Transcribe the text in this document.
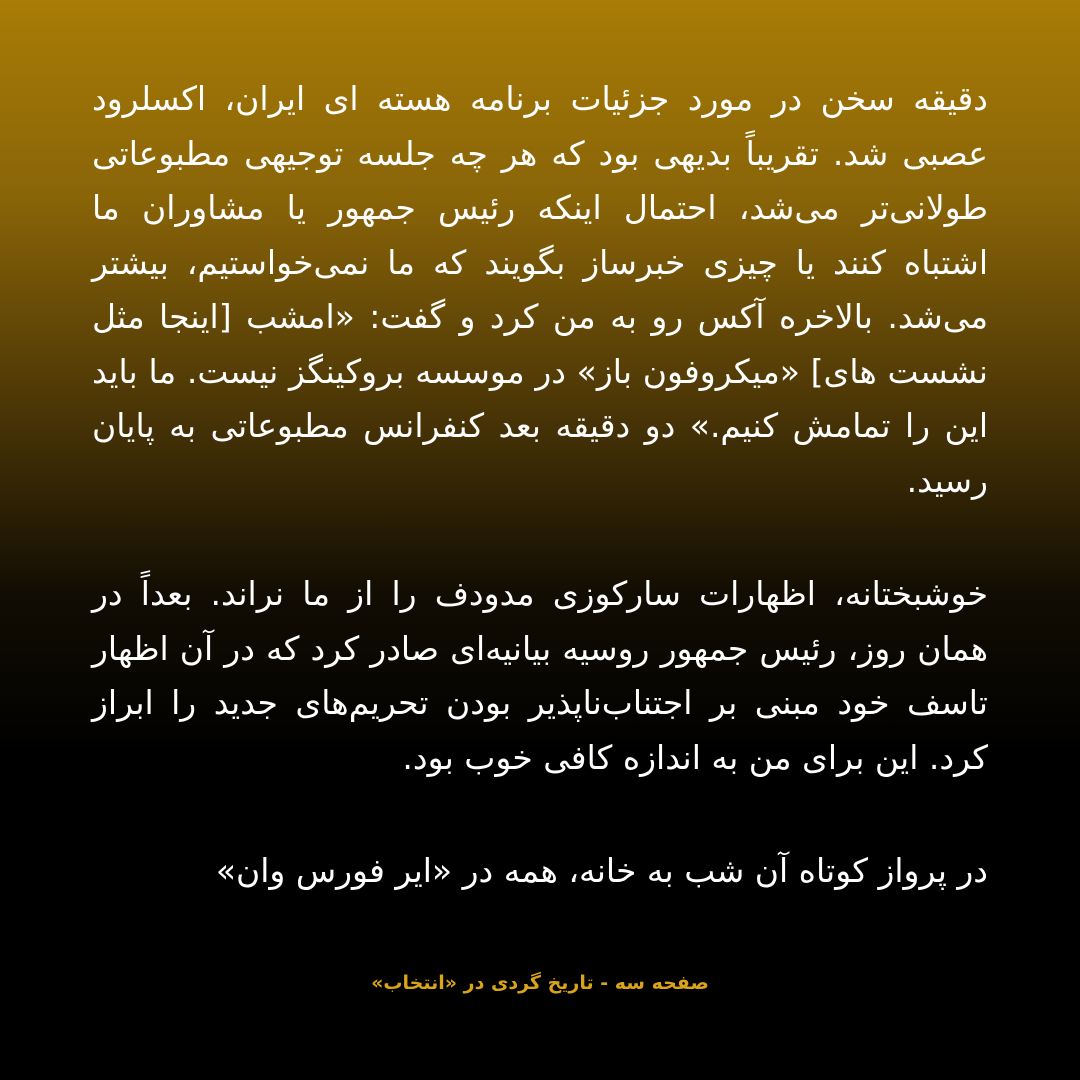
دقیقه سخن در مورد جزئیات برنامه هسته ای ایران، اکسلرود عصبی شد. تقریباً بدیهی بود که هر چه جلسه توجیهی مطبوعاتی طولانی‌تر می‌شد، احتمال اینکه رئیس جمهور یا مشاوران ما اشتباه کنند یا چیزی خبرساز بگویند که ما نمی‌خواستیم، بیشتر می‌شد. بالاخره آکس رو به من کرد و گفت: «امشب [اینجا مثل نشست های] «میکروفون باز» در موسسه بروکینگز نیست. ما باید این را تمامش کنیم.» دو دقیقه بعد کنفرانس مطبوعاتی به پایان رسید.

خوشبختانه، اظهارات سارکوزی مدودف را از ما نراند. بعداً در همان روز، رئیس جمهور روسیه بیانیه‌ای صادر کرد که در آن اظهار تاسف خود مبنی بر اجتناب‌ناپذیر بودن تحریم‌های جدید را ابراز کرد. این برای من به اندازه کافی خوب بود.

در پرواز کوتاه آن شب به خانه، همه در «ایر فورس وان»

صفحه سه - تاریخ گردی در «انتخاب»
